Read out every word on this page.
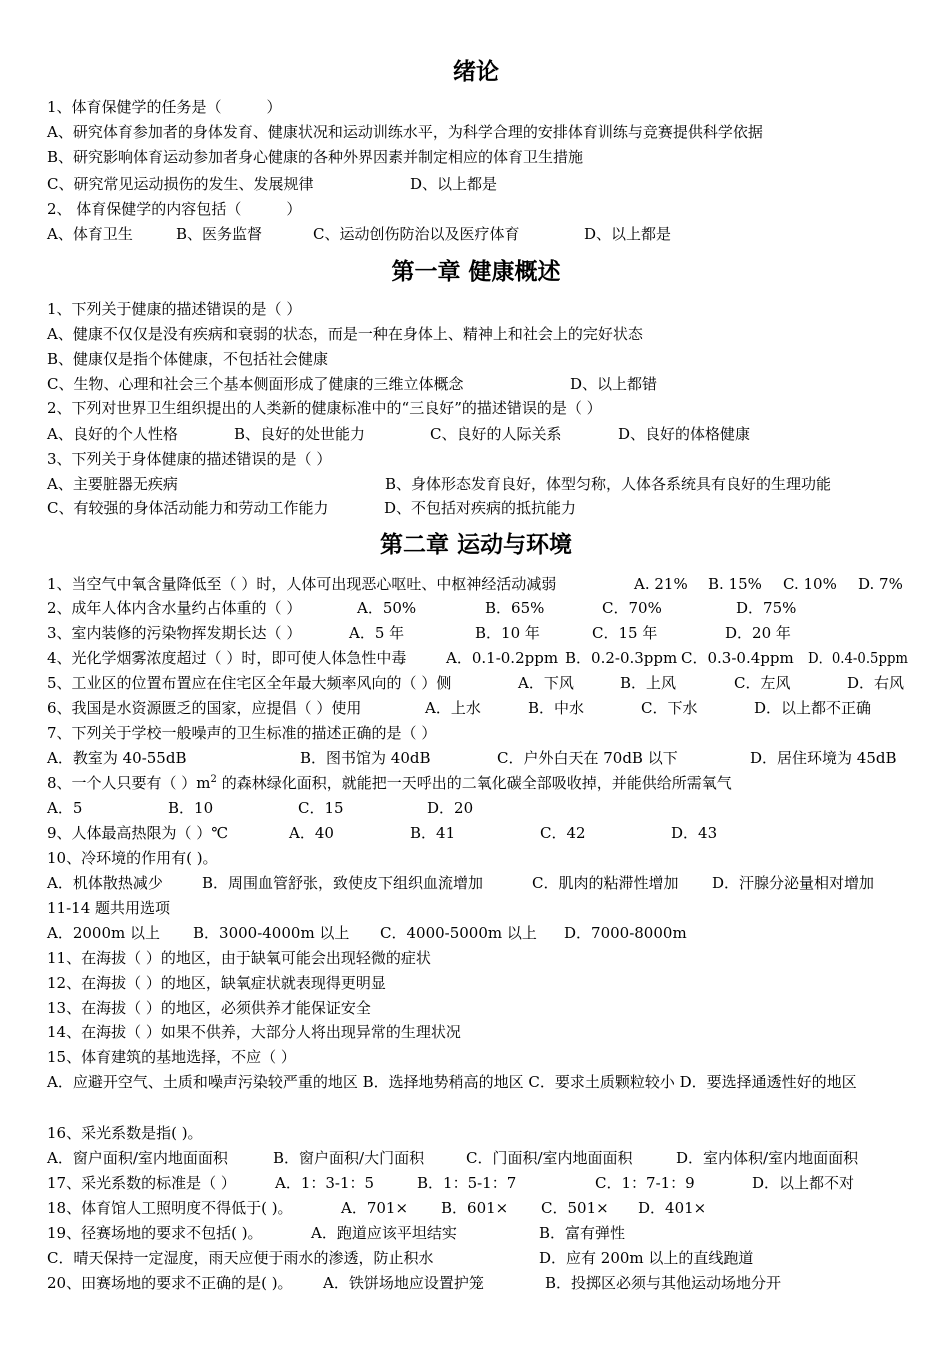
绪论
1、体育保健学的任务是（　　　）
A、研究体育参加者的身体发育、健康状况和运动训练水平，为科学合理的安排体育训练与竞赛提供科学依据
B、研究影响体育运动参加者身心健康的各种外界因素并制定相应的体育卫生措施
C、研究常见运动损伤的发生、发展规律	D、以上都是
2、 体育保健学的内容包括（　　　）
A、体育卫生	B、医务监督	C、运动创伤防治以及医疗体育	D、以上都是
第一章 健康概述
1、下列关于健康的描述错误的是（ ）
A、健康不仅仅是没有疾病和衰弱的状态，而是一种在身体上、精神上和社会上的完好状态
B、健康仅是指个体健康，不包括社会健康
C、生物、心理和社会三个基本侧面形成了健康的三维立体概念	D、以上都错
2、下列对世界卫生组织提出的人类新的健康标准中的“三良好”的描述错误的是（ ）
A、良好的个人性格	B、良好的处世能力	C、良好的人际关系	D、良好的体格健康
3、下列关于身体健康的描述错误的是（ ）
A、主要脏器无疾病	B、身体形态发育良好，体型匀称，人体各系统具有良好的生理功能
C、有较强的身体活动能力和劳动工作能力	D、不包括对疾病的抵抗能力
第二章 运动与环境
1、当空气中氧含量降低至（ ）时，人体可出现恶心呕吐、中枢神经活动减弱	A. 21% B. 15% C. 10% D. 7%
2、成年人体内含水量约占体重的（ ）	A．50%	B．65%	C．70%	D．75%
3、室内装修的污染物挥发期长达（ ）	A．5 年	B．10 年	C．15 年	D．20 年
4、光化学烟雾浓度超过（ ）时，即可使人体急性中毒	A．0.1-0.2ppm B．0.2-0.3ppm C．0.3-0.4ppm D．0.4-0.5ppm
5、工业区的位置布置应在住宅区全年最大频率风向的（ ）侧	A．下风	B．上风	C．左风	D．右风
6、我国是水资源匮乏的国家，应提倡（ ）使用	A．上水	B．中水	C．下水	D．以上都不正确
7、下列关于学校一般噪声的卫生标准的描述正确的是（ ）
A．教室为 40-55dB	B．图书馆为 40dB	C．户外白天在 70dB 以下	D．居住环境为 45dB
8、一个人只要有（ ）$m^2$ 的森林绿化面积，就能把一天呼出的二氧化碳全部吸收掉，并能供给所需氧气
A．5	B．10	C．15	D．20
9、人体最高热限为（ ）℃	A．40	B．41	C．42	D．43
10、冷环境的作用有( )。
A．机体散热减少	B．周围血管舒张，致使皮下组织血流增加	C．肌肉的粘滞性增加 D．汗腺分泌量相对增加
11-14 题共用选项
A．2000m 以上 B．3000-4000m 以上 C．4000-5000m 以上 D．7000-8000m
11、在海拔（ ）的地区，由于缺氧可能会出现轻微的症状
12、在海拔（ ）的地区，缺氧症状就表现得更明显
13、在海拔（ ）的地区，必须供养才能保证安全
14、在海拔（ ）如果不供养，大部分人将出现异常的生理状况
15、体育建筑的基地选择，不应（ ）
A．应避开空气、土质和噪声污染较严重的地区 B．选择地势稍高的地区 C．要求土质颗粒较小 D．要选择通透性好的地区
16、采光系数是指( )。
A．窗户面积/室内地面面积	B．窗户面积/大门面积	C．门面积/室内地面面积	D．室内体积/室内地面面积
17、采光系数的标准是（ ）	A．1：3-1：5	B．1：5-1：7	C．1：7-1：9	D．以上都不对
18、体育馆人工照明度不得低于( )。	A．701× B．601× C．501× D．401×
19、径赛场地的要求不包括( )。	A．跑道应该平坦结实	B．富有弹性
C．晴天保持一定湿度，雨天应便于雨水的渗透，防止积水	D．应有 200m 以上的直线跑道
20、田赛场地的要求不正确的是( )。 A．铁饼场地应设置护笼	B．投掷区必须与其他运动场地分开
